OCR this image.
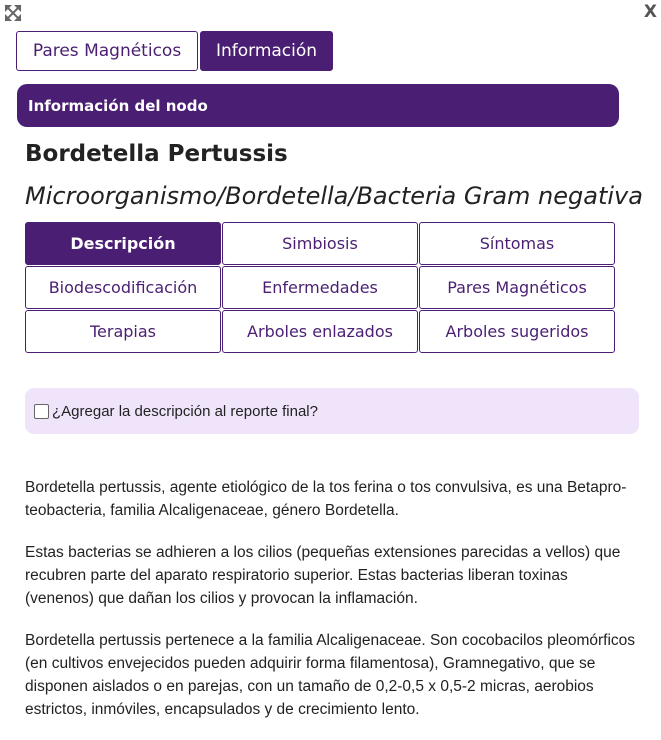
X
Pares Magnéticos	Información
Información del nodo
Bordetella Pertussis
Microorganismo/Bordetella/Bacteria Gram negativa
Descripción	Simbiosis	Síntomas
Biodescodificación	Enfermedades	Pares Magnéticos
Terapias	Arboles enlazados	Arboles sugeridos
¿Agregar la descripción al reporte final?

Bordetella pertussis, agente etiológico de la tos ferina o tos convulsiva, es una Betaproteobacteria, familia Alcaligenaceae, género Bordetella.

Estas bacterias se adhieren a los cilios (pequeñas extensiones parecidas a vellos) que recubren parte del aparato respiratorio superior. Estas bacterias liberan toxinas (venenos) que dañan los cilios y provocan la inflamación.

Bordetella pertussis pertenece a la familia Alcaligenaceae. Son cocobacilos pleomórficos (en cultivos envejecidos pueden adquirir forma filamentosa), Gramnegativo, que se disponen aislados o en parejas, con un tamaño de 0,2-0,5 x 0,5-2 micras, aerobios estrictos, inmóviles, encapsulados y de crecimiento lento.
